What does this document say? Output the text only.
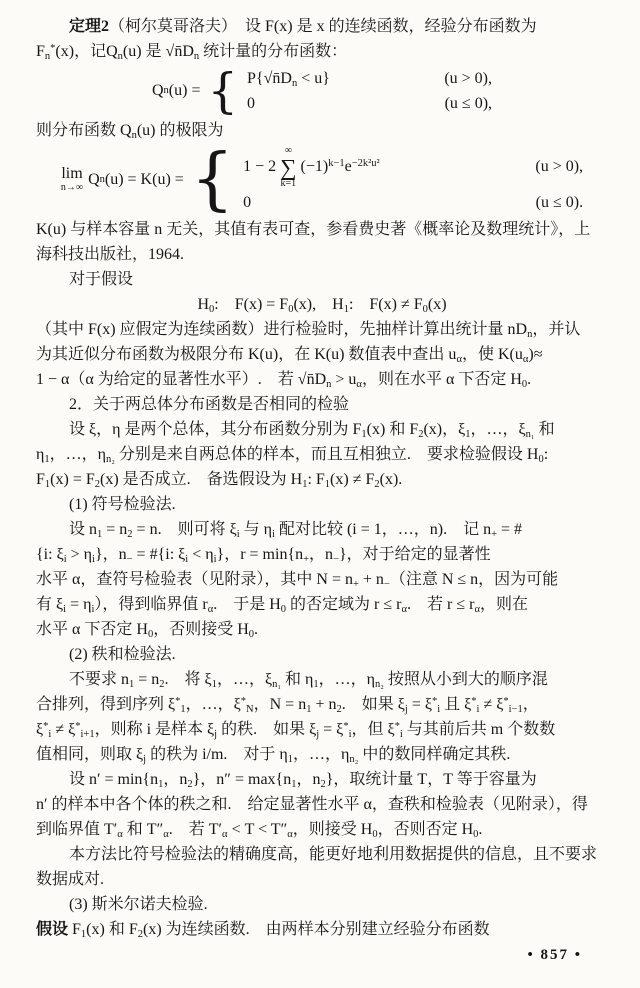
定理2（柯尔莫哥洛夫）　设 F(x) 是 x 的连续函数，经验分布函数为
$F_n^*(x)$，记$Q_n(u)$ 是 $√n̄D_n$ 统计量的分布函数：
Q n (u) = { $P\{√n̄D_n < u\}$	(u > 0),
0	(u ≤ 0),
则分布函数 $Q_n(u)$ 的极限为
lim
n→∞ Q n (u) = K(u) = { 1 − 2
∞
∑
k=1
$(-1)^{k-1}e^{-2k^2u^2}$	(u > 0),
0	(u ≤ 0).
K(u) 与样本容量 n 无关，其值有表可查，参看费史著《概率论及数理统计》，上
海科技出版社，1964.
对于假设
$H_0$:　$F(x) = F_0(x)$,　$H_1$:　$F(x) \ne F_0(x)$
（其中 F(x) 应假定为连续函数）进行检验时，先抽样计算出统计量 $nD_n$，并认
为其近似分布函数为极限分布 K(u)，在 K(u) 数值表中查出 $u_\alpha$，使 $K(u_\alpha)\approx$
1 − α（α 为给定的显著性水平）.　若 $√n̄D_n > u_\alpha$，则在水平 α 下否定 $H_0$.
2．关于两总体分布函数是否相同的检验
设 ξ，η 是两个总体，其分布函数分别为 $F_1(x)$ 和 $F_2(x)$，$\xi_1$，…，$\xi_{n_1}$ 和
$\eta_1$，…，$\eta_{n_2}$ 分别是来自两总体的样本，而且互相独立.　要求检验假设 $H_0$:
$F_1(x) = F_2(x)$ 是否成立.　备选假设为 $H_1$: $F_1(x) \ne F_2(x)$.
(1) 符号检验法.
设 $n_1 = n_2 = n$.　则可将 $\xi_i$ 与 $\eta_i$ 配对比较 (i = 1，…，n).　记 $n_+$ = #
{i: $\xi_i > \eta_i$}，$n_-$ = #{i: $\xi_i < \eta_i$}，$r = \min\{n_+$，$n_-$}，对于给定的显著性
水平 α，查符号检验表（见附录），其中 $N = n_+ + n_-$（注意 N ≤ n，因为可能
有 $\xi_i = \eta_i$），得到临界值 $r_\alpha$.　于是 $H_0$ 的否定域为 $r \le r_\alpha$.　若 $r \le r_\alpha$，则在
水平 α 下否定 $H_0$，否则接受 $H_0$.
(2) 秩和检验法.
不要求 $n_1 = n_2$.　将 $\xi_1$，…，$\xi_{n_1}$ 和 $\eta_1$，…，$\eta_{n_2}$ 按照从小到大的顺序混
合排列，得到序列 $\xi^*_1$，…，$\xi^*_N$，$N = n_1 + n_2$.　如果 $\xi_j = \xi^*_i$ 且 $\xi^*_i \ne \xi^*_{i-1}$，
$\xi^*_i \ne \xi^*_{i+1}$，则称 i 是样本 $\xi_j$ 的秩.　如果 $\xi_j = \xi^*_i$，但 $\xi^*_i$ 与其前后共 m 个数数
值相同，则取 $\xi_j$ 的秩为 i/m.　对于 $\eta_1$，…，$\eta_{n_2}$ 中的数同样确定其秩.
设 $n' = \min\{n_1$，$n_2$}，$n'' = \max\{n_1$，$n_2$}，取统计量 T，T 等于容量为
n′ 的样本中各个体的秩之和.　给定显著性水平 α，查秩和检验表（见附录），得
到临界值 $T'_\alpha$ 和 $T''_\alpha$.　若 $T'_\alpha < T < T''_\alpha$，则接受 $H_0$，否则否定 $H_0$.
本方法比符号检验法的精确度高，能更好地利用数据提供的信息，且不要求
数据成对.
(3) 斯米尔诺夫检验.
假设 $F_1(x)$ 和 $F_2(x)$ 为连续函数.　由两样本分别建立经验分布函数
• 857 •
